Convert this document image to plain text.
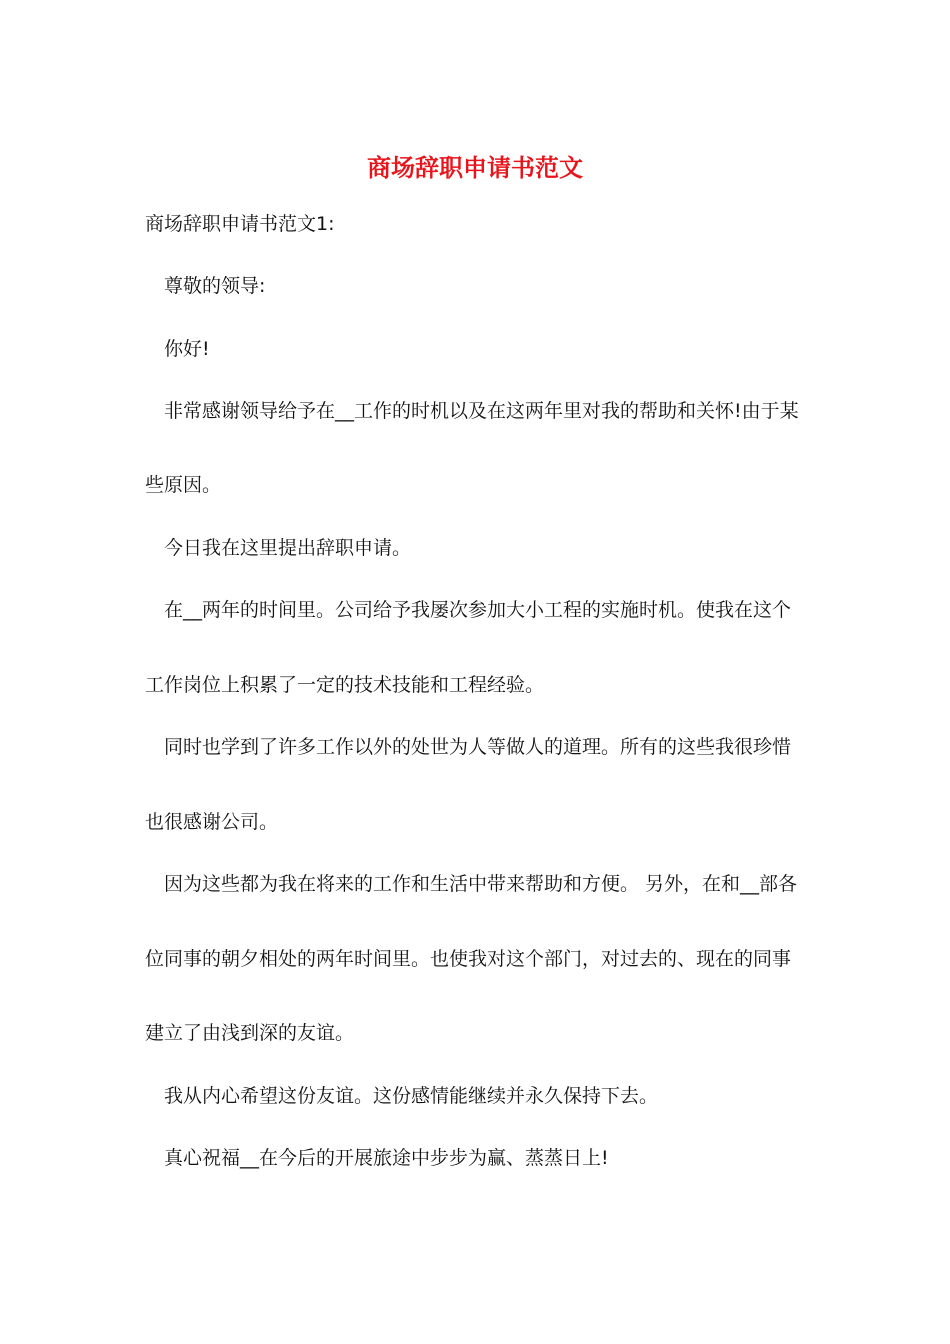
商场辞职申请书范文
商场辞职申请书范文1:
尊敬的领导:
你好!
非常感谢领导给予在__工作的时机以及在这两年里对我的帮助和关怀!由于某
些原因。
今日我在这里提出辞职申请。
在__两年的时间里。公司给予我屡次参加大小工程的实施时机。使我在这个
工作岗位上积累了一定的技术技能和工程经验。
同时也学到了许多工作以外的处世为人等做人的道理。所有的这些我很珍惜
也很感谢公司。
因为这些都为我在将来的工作和生活中带来帮助和方便。 另外，在和__部各
位同事的朝夕相处的两年时间里。也使我对这个部门，对过去的、现在的同事
建立了由浅到深的友谊。
我从内心希望这份友谊。这份感情能继续并永久保持下去。
真心祝福__在今后的开展旅途中步步为赢、蒸蒸日上!
